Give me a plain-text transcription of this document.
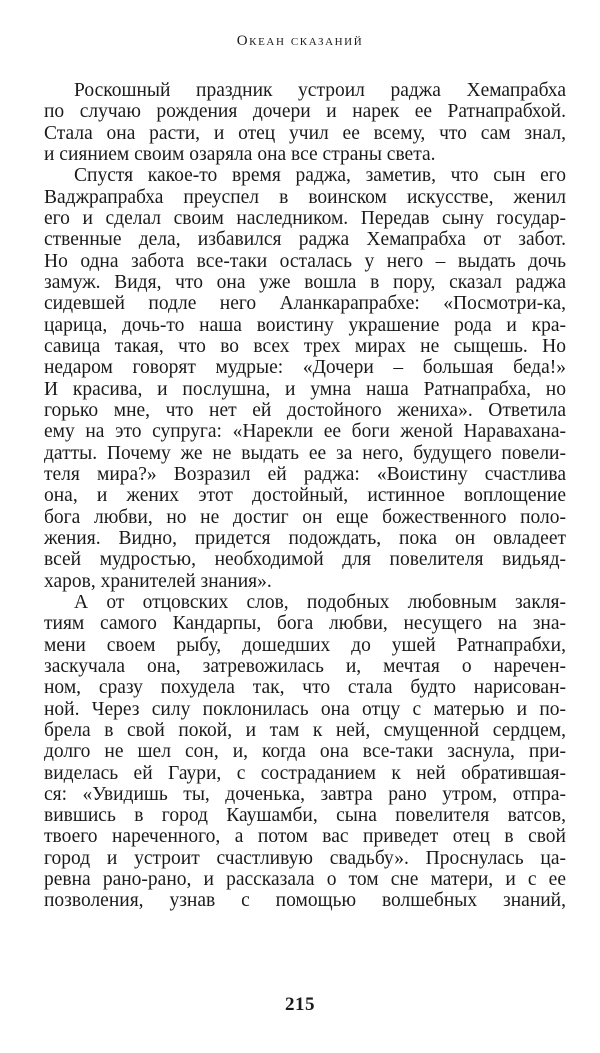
Океан сказаний
Роскошный праздник устроил раджа Хемапрабха
по случаю рождения дочери и нарек ее Ратнапрабхой.
Стала она расти, и отец учил ее всему, что сам знал,
и сиянием своим озаряла она все страны света.
Спустя какое-то время раджа, заметив, что сын его
Ваджрапрабха преуспел в воинском искусстве, женил
его и сделал своим наследником. Передав сыну государ-
ственные дела, избавился раджа Хемапрабха от забот.
Но одна забота все-таки осталась у него – выдать дочь
замуж. Видя, что она уже вошла в пору, сказал раджа
сидевшей подле него Аланкарапрабхе: «Посмотри-ка,
царица, дочь-то наша воистину украшение рода и кра-
савица такая, что во всех трех мирах не сыщешь. Но
недаром говорят мудрые: «Дочери – большая беда!»
И красива, и послушна, и умна наша Ратнапрабха, но
горько мне, что нет ей достойного жениха». Ответила
ему на это супруга: «Нарекли ее боги женой Наравахана-
датты. Почему же не выдать ее за него, будущего повели-
теля мира?» Возразил ей раджа: «Воистину счастлива
она, и жених этот достойный, истинное воплощение
бога любви, но не достиг он еще божественного поло-
жения. Видно, придется подождать, пока он овладеет
всей мудростью, необходимой для повелителя видьяд-
харов, хранителей знания».
А от отцовских слов, подобных любовным закля-
тиям самого Кандарпы, бога любви, несущего на зна-
мени своем рыбу, дошедших до ушей Ратнапрабхи,
заскучала она, затревожилась и, мечтая о наречен-
ном, сразу похудела так, что стала будто нарисован-
ной. Через силу поклонилась она отцу с матерью и по-
брела в свой покой, и там к ней, смущенной сердцем,
долго не шел сон, и, когда она все-таки заснула, при-
виделась ей Гаури, с состраданием к ней обратившая-
ся: «Увидишь ты, доченька, завтра рано утром, отпра-
вившись в город Каушамби, сына повелителя ватсов,
твоего нареченного, а потом вас приведет отец в свой
город и устроит счастливую свадьбу». Проснулась ца-
ревна рано-рано, и рассказала о том сне матери, и с ее
позволения, узнав с помощью волшебных знаний,
215
